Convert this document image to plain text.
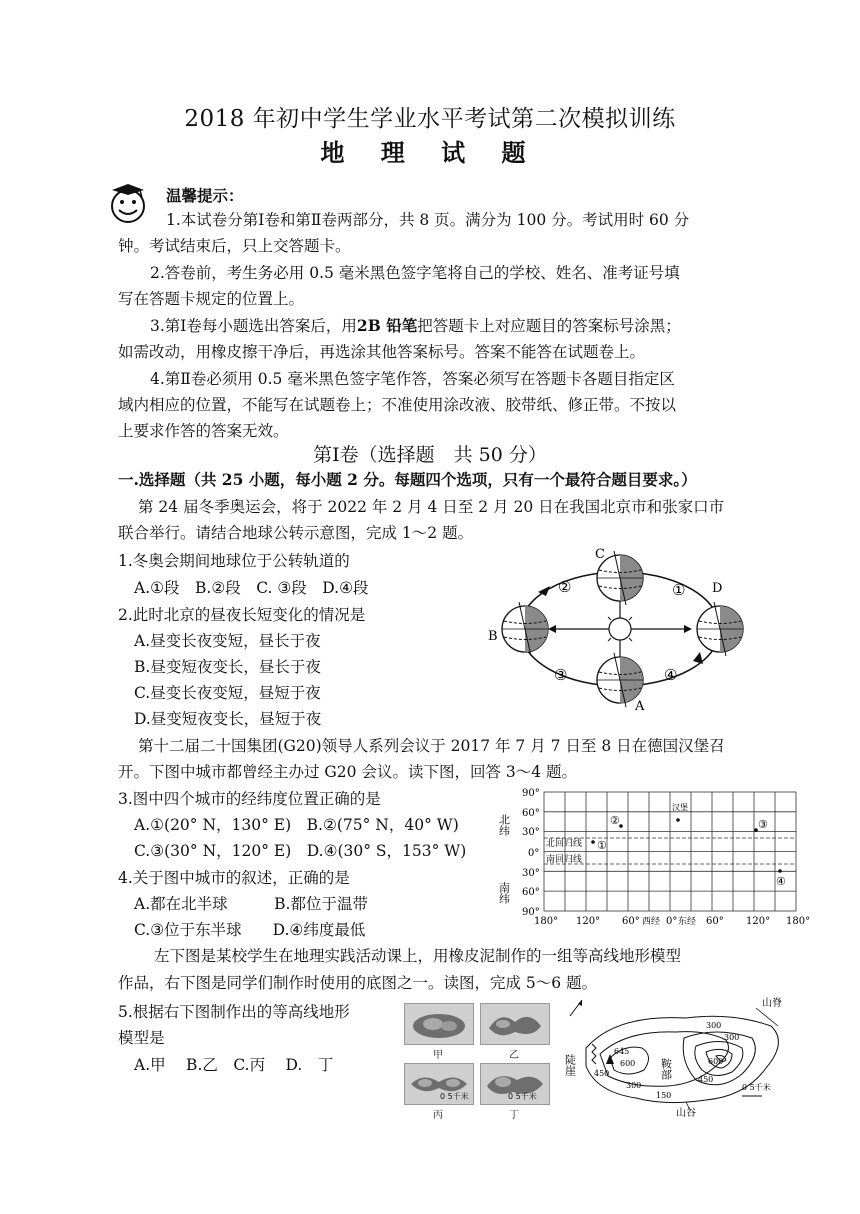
2018 年初中学生学业水平考试第二次模拟训练
地 理 试 题
温馨提示：
1.本试卷分第Ⅰ卷和第Ⅱ卷两部分，共 8 页。满分为 100 分。考试用时 60 分
钟。考试结束后，只上交答题卡。
2.答卷前，考生务必用 0.5 毫米黑色签字笔将自己的学校、姓名、准考证号填
写在答题卡规定的位置上。
3.第Ⅰ卷每小题选出答案后，用2B 铅笔把答题卡上对应题目的答案标号涂黑；
如需改动，用橡皮擦干净后，再选涂其他答案标号。答案不能答在试题卷上。
4.第Ⅱ卷必须用 0.5 毫米黑色签字笔作答，答案必须写在答题卡各题目指定区
域内相应的位置，不能写在试题卷上；不准使用涂改液、胶带纸、修正带。不按以
上要求作答的答案无效。
第Ⅰ卷（选择题　共 50 分）
一.选择题（共 25 小题，每小题 2 分。每题四个选项，只有一个最符合题目要求。）
第 24 届冬季奥运会，将于 2022 年 2 月 4 日至 2 月 20 日在我国北京市和张家口市
联合举行。请结合地球公转示意图，完成 1～2 题。
1.冬奥会期间地球位于公转轨道的
A.①段　B.②段　C. ③段　D.④段
2.此时北京的昼夜长短变化的情况是
A.昼变长夜变短，昼长于夜
B.昼变短夜变长，昼长于夜
C.昼变长夜变短，昼短于夜
D.昼变短夜变长，昼短于夜
C
D
B
A
②	①
③	④
第十二届二十国集团(G20)领导人系列会议于 2017 年 7 月 7 日至 8 日在德国汉堡召
开。下图中城市都曾经主办过 G20 会议。读下图，回答 3～4 题。
3.图中四个城市的经纬度位置正确的是
A.①(20° N，130° E)　B.②(75° N，40° W)
C.③(30° N，120° E)　D.④(30° S，153° W)
4.关于图中城市的叙述，正确的是
A.都在北半球　　　B.都位于温带
C.③位于东半球　　D.④纬度最低
北回归线
南回归线
汉堡
①
②	③
④
90°
60°
30°
0°
30°
60°
90°
北纬
南纬
180° 120° 60° 西经 0° 东经 60° 120° 180°
左下图是某校学生在地理实践活动课上，用橡皮泥制作的一组等高线地形模型
作品，右下图是同学们制作时使用的底图之一。读图，完成 5～6 题。
5.根据右下图制作出的等高线地形
模型是
A.甲　 B.乙　C.丙　 D.　丁
甲	乙
丙	丁
0 5千米	0 5千米
山脊
鞍部
陡崖
山谷
300
600
645
450
300
150
600
450
300
0 5千米
